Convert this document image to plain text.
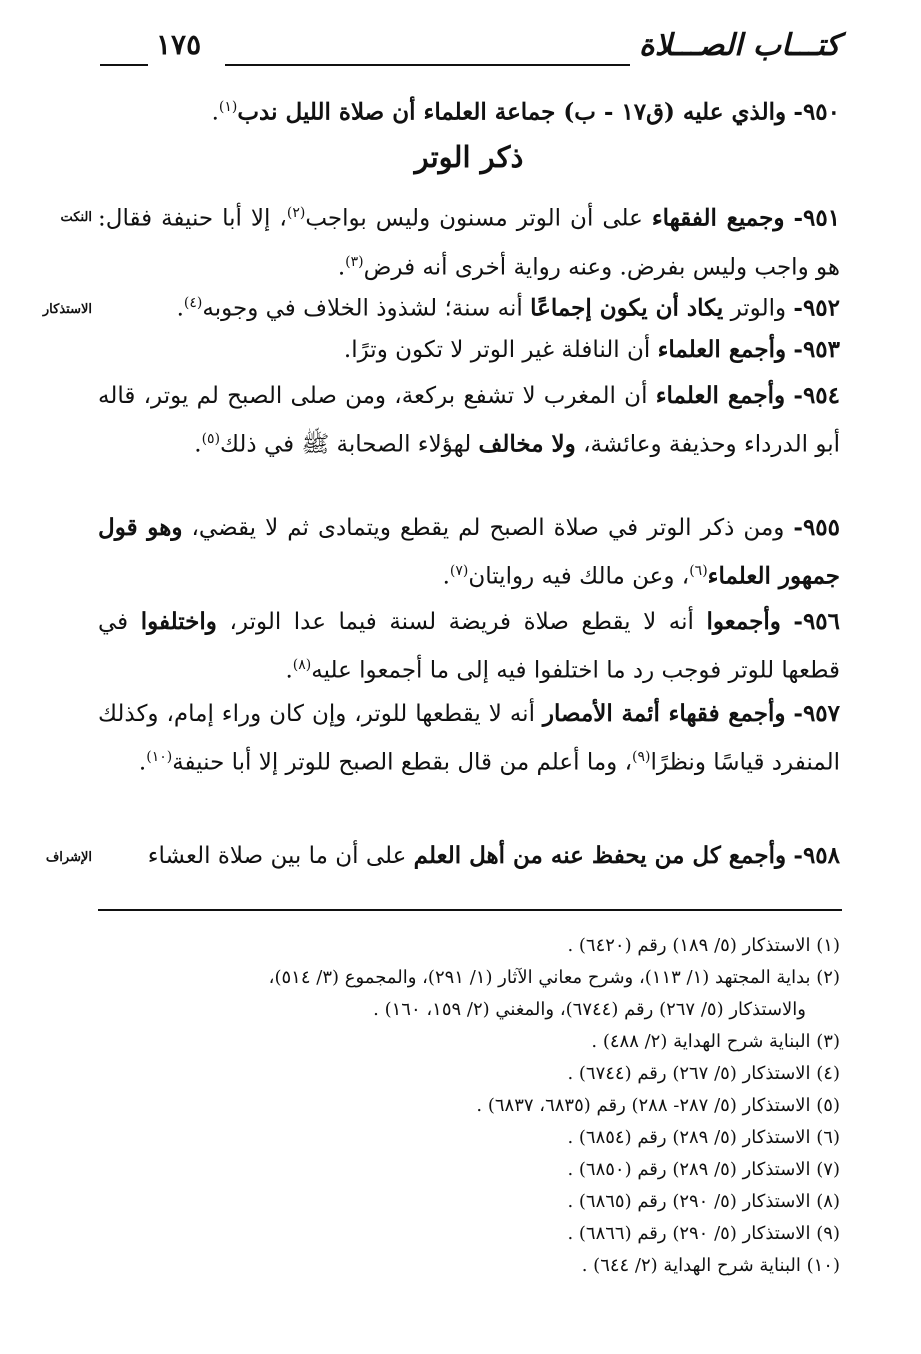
كتـــاب الصـــلاة
١٧٥
٩٥٠- والذي عليه (ق١٧ - ب) جماعة العلماء أن صلاة الليل ندب$^{(١)}$.
ذكر الوتر
٩٥١- وجميع الفقهاء على أن الوتر مسنون وليس بواجب$^{(٢)}$، إلا أبا حنيفة فقال: هو واجب وليس بفرض. وعنه رواية أخرى أنه فرض$^{(٣)}$.
النكت
٩٥٢- والوتر يكاد أن يكون إجماعًا أنه سنة؛ لشذوذ الخلاف في وجوبه$^{(٤)}$.
الاستذكار
٩٥٣- وأجمع العلماء أن النافلة غير الوتر لا تكون وترًا.
٩٥٤- وأجمع العلماء أن المغرب لا تشفع بركعة، ومن صلى الصبح لم يوتر، قاله أبو الدرداء وحذيفة وعائشة، ولا مخالف لهؤلاء الصحابة ﷺ في ذلك$^{(٥)}$.
٩٥٥- ومن ذكر الوتر في صلاة الصبح لم يقطع ويتمادى ثم لا يقضي، وهو قول جمهور العلماء$^{(٦)}$، وعن مالك فيه روايتان$^{(٧)}$.
٩٥٦- وأجمعوا أنه لا يقطع صلاة فريضة لسنة فيما عدا الوتر، واختلفوا في قطعها للوتر فوجب رد ما اختلفوا فيه إلى ما أجمعوا عليه$^{(٨)}$.
٩٥٧- وأجمع فقهاء أئمة الأمصار أنه لا يقطعها للوتر، وإن كان وراء إمام، وكذلك المنفرد قياسًا ونظرًا$^{(٩)}$، وما أعلم من قال بقطع الصبح للوتر إلا أبا حنيفة$^{(١٠)}$.
٩٥٨- وأجمع كل من يحفظ عنه من أهل العلم على أن ما بين صلاة العشاء
الإشراف
(١) الاستذكار (٥/ ١٨٩) رقم (٦٤٢٠) .
(٢) بداية المجتهد (١/ ١١٣)، وشرح معاني الآثار (١/ ٢٩١)، والمجموع (٣/ ٥١٤)،
والاستذكار (٥/ ٢٦٧) رقم (٦٧٤٤)، والمغني (٢/ ١٥٩، ١٦٠) .
(٣) البناية شرح الهداية (٢/ ٤٨٨) .
(٤) الاستذكار (٥/ ٢٦٧) رقم (٦٧٤٤) .
(٥) الاستذكار (٥/ ٢٨٧- ٢٨٨) رقم (٦٨٣٥، ٦٨٣٧) .
(٦) الاستذكار (٥/ ٢٨٩) رقم (٦٨٥٤) .
(٧) الاستذكار (٥/ ٢٨٩) رقم (٦٨٥٠) .
(٨) الاستذكار (٥/ ٢٩٠) رقم (٦٨٦٥) .
(٩) الاستذكار (٥/ ٢٩٠) رقم (٦٨٦٦) .
(١٠) البناية شرح الهداية (٢/ ٦٤٤) .
